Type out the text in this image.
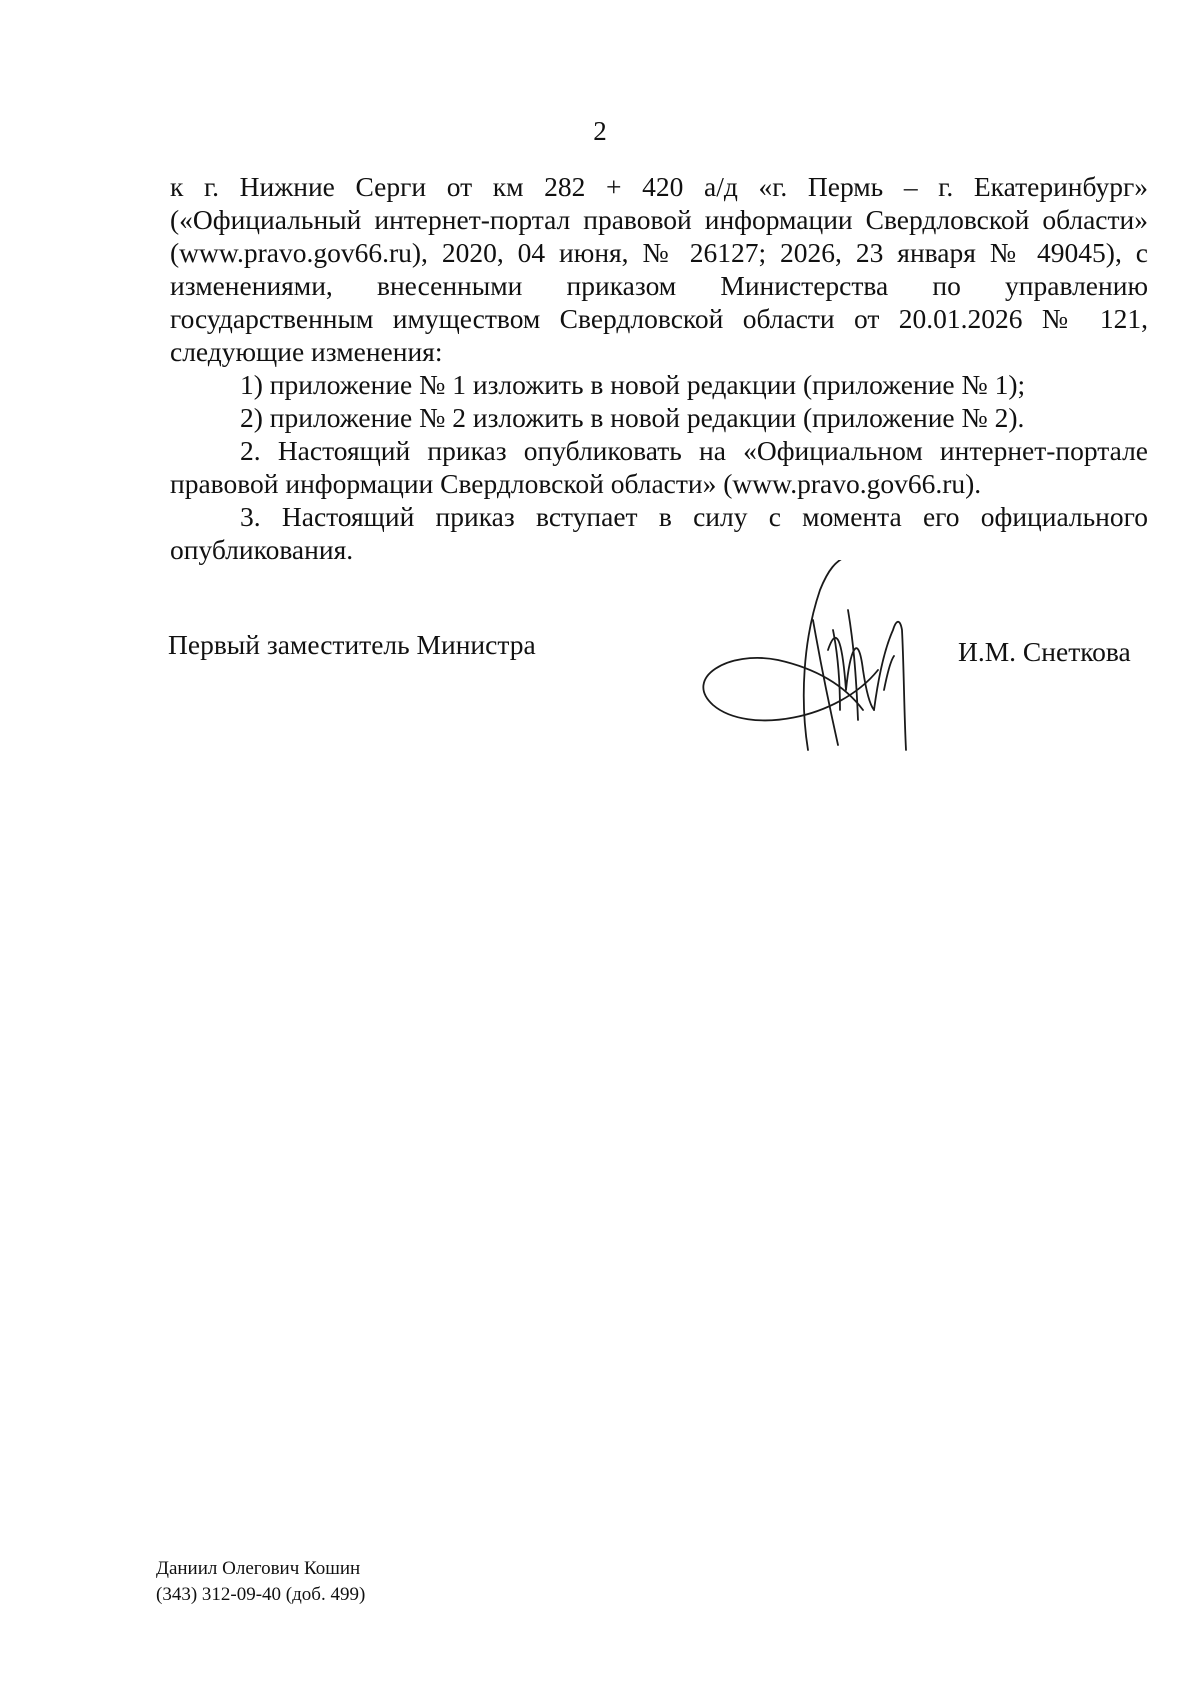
2

к г. Нижние Серги от км 282 + 420 а/д «г. Пермь – г. Екатеринбург» («Официальный интернет-портал правовой информации Свердловской области» (www.pravo.gov66.ru), 2020, 04 июня, № 26127; 2026, 23 января № 49045), с изменениями, внесенными приказом Министерства по управлению государственным имуществом Свердловской области от 20.01.2026 № 121, следующие изменения:

1) приложение № 1 изложить в новой редакции (приложение № 1);

2) приложение № 2 изложить в новой редакции (приложение № 2).

2. Настоящий приказ опубликовать на «Официальном интернет-портале правовой информации Свердловской области» (www.pravo.gov66.ru).

3. Настоящий приказ вступает в силу с момента его официального опубликования.

Первый заместитель Министра	И.М. Снеткова
Даниил Олегович Кошин
(343) 312-09-40 (доб. 499)
